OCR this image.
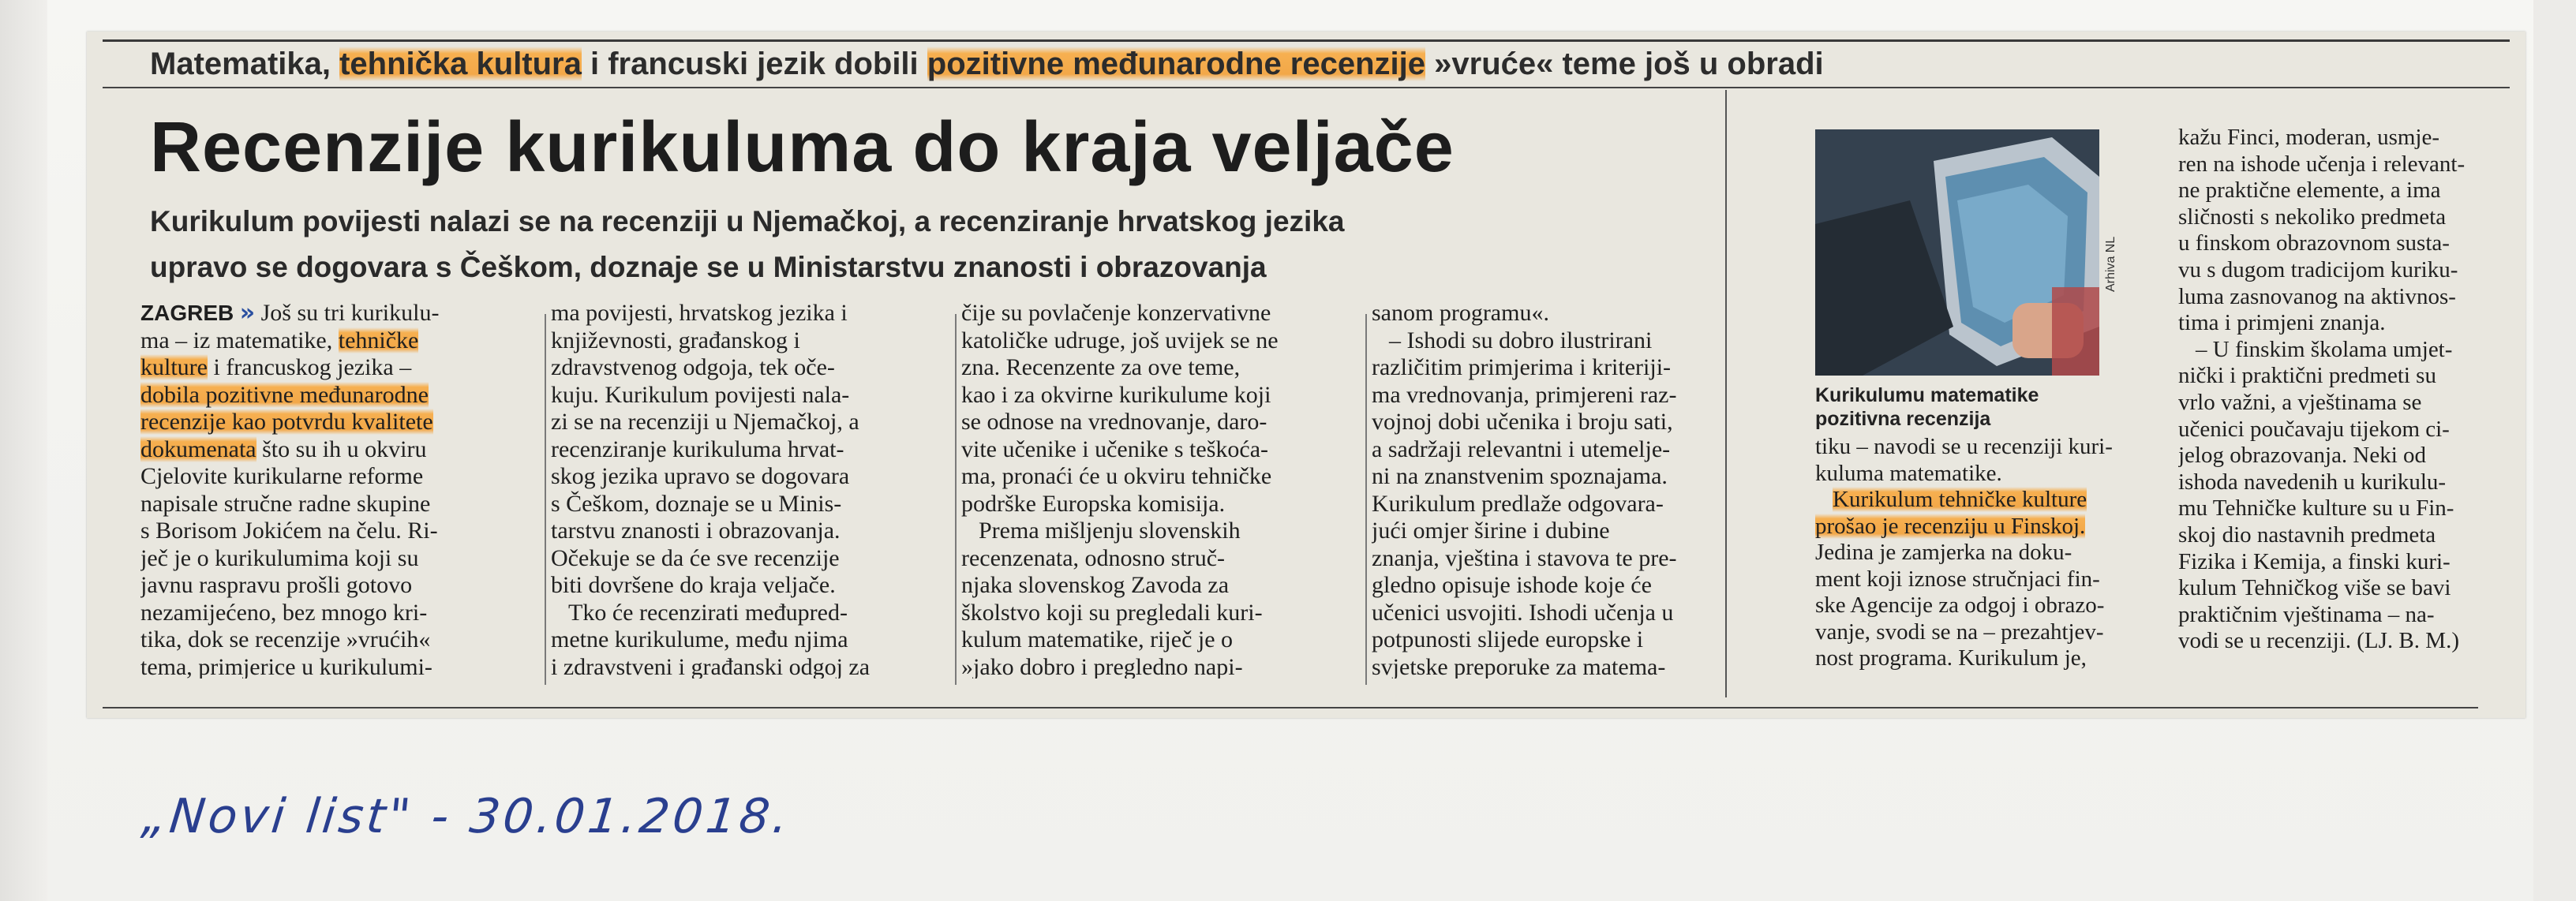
Matematika, tehnička kultura i francuski jezik dobili pozitivne međunarodne recenzije »vruće« teme još u obradi
Recenzije kurikuluma do kraja veljače
Kurikulum povijesti nalazi se na recenziji u Njemačkoj, a recenziranje hrvatskog jezika
upravo se dogovara s Češkom, doznaje se u Ministarstvu znanosti i obrazovanja
ZAGREB » Još su tri kurikulu-
ma – iz matematike, tehničke
kulture i francuskog jezika –
dobila pozitivne međunarodne
recenzije kao potvrdu kvalitete
dokumenata što su ih u okviru
Cjelovite kurikularne reforme
napisale stručne radne skupine
s Borisom Jokićem na čelu. Ri-
ječ je o kurikulumima koji su
javnu raspravu prošli gotovo
nezamijećeno, bez mnogo kri-
tika, dok se recenzije »vrućih«
tema, primjerice u kurikulumi-
ma povijesti, hrvatskog jezika i
književnosti, građanskog i
zdravstvenog odgoja, tek oče-
kuju. Kurikulum povijesti nala-
zi se na recenziji u Njemačkoj, a
recenziranje kurikuluma hrvat-
skog jezika upravo se dogovara
s Češkom, doznaje se u Minis-
tarstvu znanosti i obrazovanja.
Očekuje se da će sve recenzije
biti dovršene do kraja veljače.
Tko će recenzirati međupred-
metne kurikulume, među njima
i zdravstveni i građanski odgoj za
čije su povlačenje konzervativne
katoličke udruge, još uvijek se ne
zna. Recenzente za ove teme,
kao i za okvirne kurikulume koji
se odnose na vrednovanje, daro-
vite učenike i učenike s teškoća-
ma, pronaći će u okviru tehničke
podrške Europska komisija.
Prema mišljenju slovenskih
recenzenata, odnosno struč-
njaka slovenskog Zavoda za
školstvo koji su pregledali kuri-
kulum matematike, riječ je o
»jako dobro i pregledno napi-
sanom programu«.
– Ishodi su dobro ilustrirani
različitim primjerima i kriteriji-
ma vrednovanja, primjereni raz-
vojnoj dobi učenika i broju sati,
a sadržaji relevantni i utemelje-
ni na znanstvenim spoznajama.
Kurikulum predlaže odgovara-
jući omjer širine i dubine
znanja, vještina i stavova te pre-
gledno opisuje ishode koje će
učenici usvojiti. Ishodi učenja u
potpunosti slijede europske i
svjetske preporuke za matema-
Arhiva NL
Kurikulumu matematike
pozitivna recenzija
tiku – navodi se u recenziji kuri-
kuluma matematike.
Kurikulum tehničke kulture
prošao je recenziju u Finskoj.
Jedina je zamjerka na doku-
ment koji iznose stručnjaci fin-
ske Agencije za odgoj i obrazo-
vanje, svodi se na – prezahtjev-
nost programa. Kurikulum je,
kažu Finci, moderan, usmje-
ren na ishode učenja i relevant-
ne praktične elemente, a ima
sličnosti s nekoliko predmeta
u finskom obrazovnom susta-
vu s dugom tradicijom kuriku-
luma zasnovanog na aktivnos-
tima i primjeni znanja.
– U finskim školama umjet-
nički i praktični predmeti su
vrlo važni, a vještinama se
učenici poučavaju tijekom ci-
jelog obrazovanja. Neki od
ishoda navedenih u kurikulu-
mu Tehničke kulture su u Fin-
skoj dio nastavnih predmeta
Fizika i Kemija, a finski kuri-
kulum Tehničkog više se bavi
praktičnim vještinama – na-
vodi se u recenziji. (LJ. B. M.)
„Novi list" - 30.01.2018.
